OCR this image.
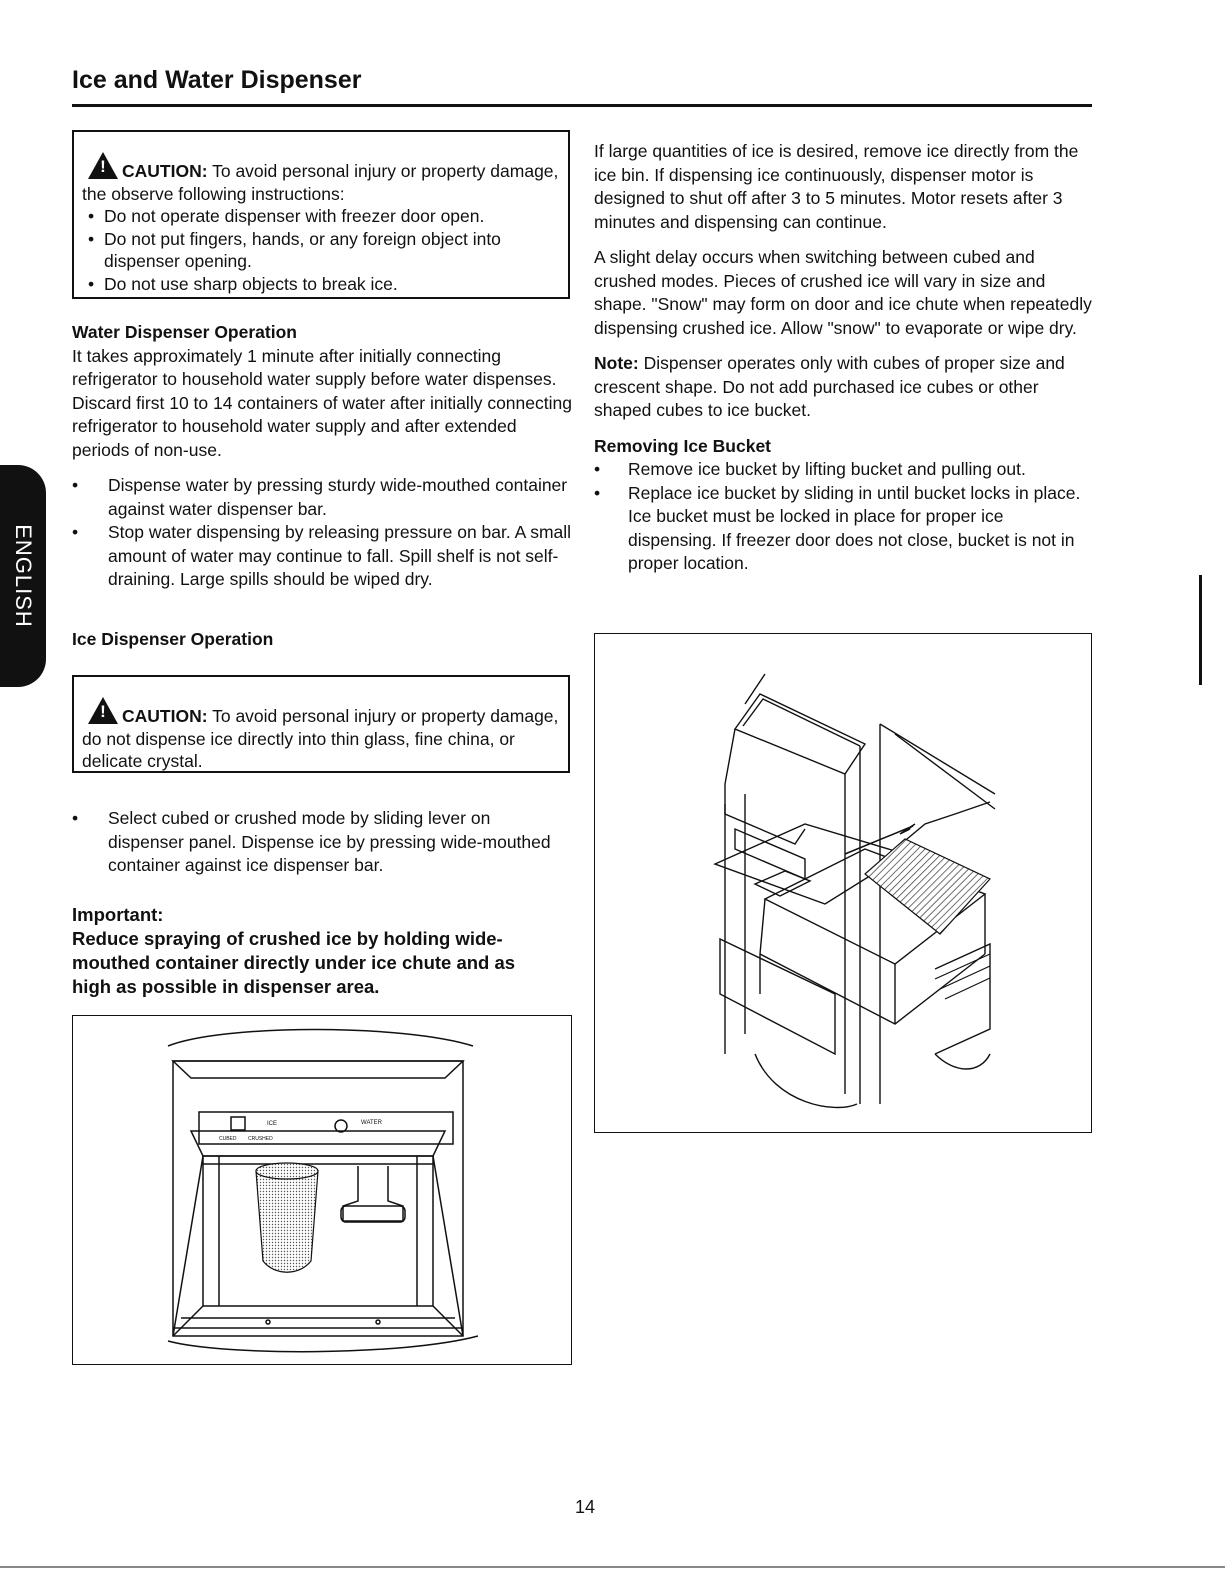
Ice and Water Dispenser
! CAUTION: To avoid personal injury or property damage, the observe following instructions:
• Do not operate dispenser with freezer door open.
• Do not put fingers, hands, or any foreign object into dispenser opening.
• Do not use sharp objects to break ice.
Water Dispenser Operation

It takes approximately 1 minute after initially connecting refrigerator to household water supply before water dispenses. Discard first 10 to 14 containers of water after initially connecting refrigerator to household water supply and after extended periods of non-use.

• Dispense water by pressing sturdy wide-mouthed container against water dispenser bar.
• Stop water dispensing by releasing pressure on bar. A small amount of water may continue to fall. Spill shelf is not self-draining. Large spills should be wiped dry.
Ice Dispenser Operation
! CAUTION: To avoid personal injury or property damage, do not dispense ice directly into thin glass, fine china, or delicate crystal.
• Select cubed or crushed mode by sliding lever on dispenser panel. Dispense ice by pressing wide-mouthed container against ice dispenser bar.
Important:
Reduce spraying of crushed ice by holding wide-mouthed container directly under ice chute and as high as possible in dispenser area.
ICE
CUBED CRUSHED
WATER

If large quantities of ice is desired, remove ice directly from the ice bin. If dispensing ice continuously, dispenser motor is designed to shut off after 3 to 5 minutes. Motor resets after 3 minutes and dispensing can continue.

A slight delay occurs when switching between cubed and crushed modes. Pieces of crushed ice will vary in size and shape. "Snow" may form on door and ice chute when repeatedly dispensing crushed ice. Allow "snow" to evaporate or wipe dry.

Note: Dispenser operates only with cubes of proper size and crescent shape. Do not add purchased ice cubes or other shaped cubes to ice bucket.

Removing Ice Bucket
• Remove ice bucket by lifting bucket and pulling out.
• Replace ice bucket by sliding in until bucket locks in place. Ice bucket must be locked in place for proper ice dispensing. If freezer door does not close, bucket is not in proper location.
ENGLISH
14
